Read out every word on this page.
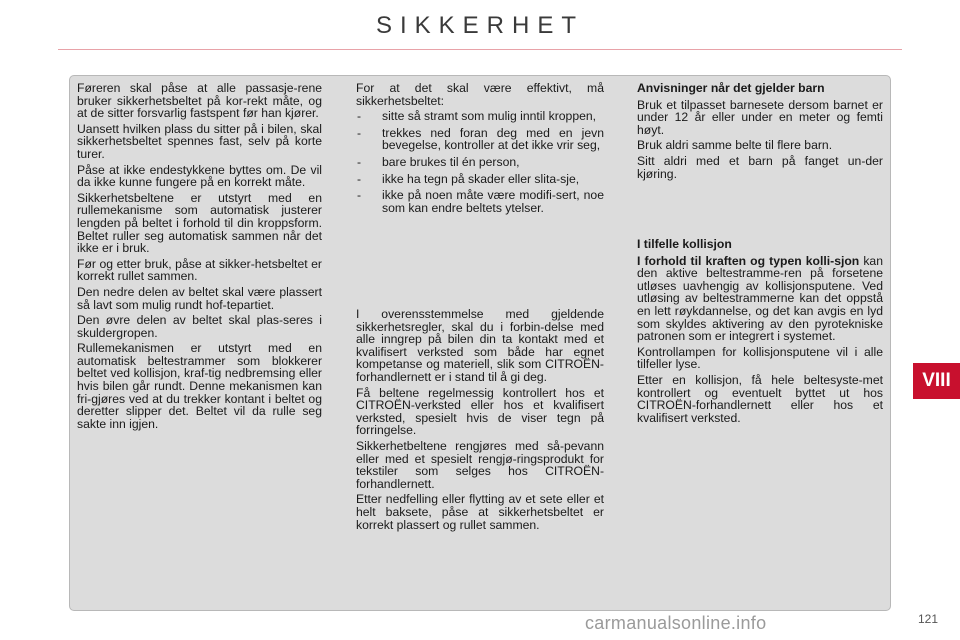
SIKKERHET

Føreren skal påse at alle passasje-rene bruker sikkerhetsbeltet på kor-rekt måte, og at de sitter forsvarlig fastspent før han kjører.

Uansett hvilken plass du sitter på i bilen, skal sikkerhetsbeltet spennes fast, selv på korte turer.

Påse at ikke endestykkene byttes om. De vil da ikke kunne fungere på en korrekt måte.

Sikkerhetsbeltene er utstyrt med en rullemekanisme som automatisk justerer lengden på beltet i forhold til din kroppsform. Beltet ruller seg automatisk sammen når det ikke er i bruk.

Før og etter bruk, påse at sikker-hetsbeltet er korrekt rullet sammen.

Den nedre delen av beltet skal være plassert så lavt som mulig rundt hof-tepartiet.

Den øvre delen av beltet skal plas-seres i skuldergropen.

Rullemekanismen er utstyrt med en automatisk beltestrammer som blokkerer beltet ved kollisjon, kraf-tig nedbremsing eller hvis bilen går rundt. Denne mekanismen kan fri-gjøres ved at du trekker kontant i beltet og deretter slipper det. Beltet vil da rulle seg sakte inn igjen.

For at det skal være effektivt, må sikkerhetsbeltet:

- sitte så stramt som mulig inntil kroppen,
- trekkes ned foran deg med en jevn bevegelse, kontroller at det ikke vrir seg,
- bare brukes til én person,
- ikke ha tegn på skader eller slita-sje,
- ikke på noen måte være modifi-sert, noe som kan endre beltets ytelser.

I overensstemmelse med gjeldende sikkerhetsregler, skal du i forbin-delse med alle inngrep på bilen din ta kontakt med et kvalifisert verksted som både har egnet kompetanse og materiell, slik som CITROËN-forhandlernett er i stand til å gi deg.

Få beltene regelmessig kontrollert hos et CITROËN-verksted eller hos et kvalifisert verksted, spesielt hvis de viser tegn på forringelse.

Sikkerhetbeltene rengjøres med så-pevann eller med et spesielt rengjø-ringsprodukt for tekstiler som selges hos CITROËN-forhandlernett.

Etter nedfelling eller flytting av et sete eller et helt baksete, påse at sikkerhetsbeltet er korrekt plassert og rullet sammen.

Anvisninger når det gjelder barn

Bruk et tilpasset barnesete dersom barnet er under 12 år eller under en meter og femti høyt.

Bruk aldri samme belte til flere barn.

Sitt aldri med et barn på fanget un-der kjøring.

I tilfelle kollisjon

I forhold til kraften og typen kolli-sjon kan den aktive beltestramme-ren på forsetene utløses uavhengig av kollisjonsputene. Ved utløsing av beltestrammerne kan det oppstå en lett røykdannelse, og det kan avgis en lyd som skyldes aktivering av den pyrotekniske patronen som er integrert i systemet.

Kontrollampen for kollisjonsputene vil i alle tilfeller lyse.

Etter en kollisjon, få hele beltesyste-met kontrollert og eventuelt byttet ut hos CITROËN-forhandlernett eller hos et kvalifisert verksted.

VIII
carmanualsonline.info	121
